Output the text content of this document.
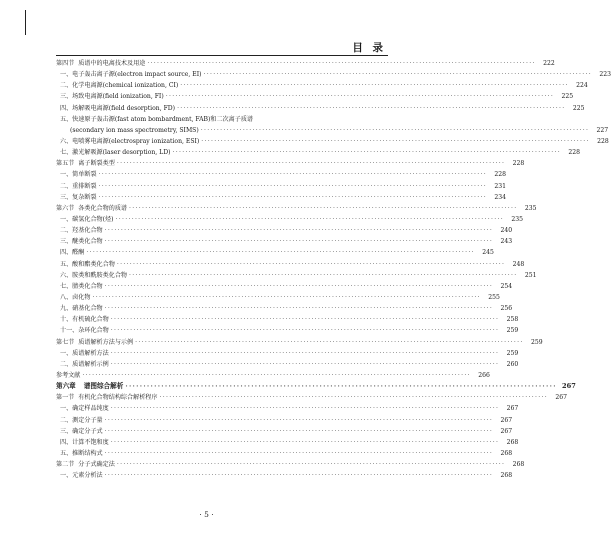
目 录
第四节 质谱中的电离技术及用途 ························································································································	222
一、电子轰击离子源(electron impact source, EI) ························································································································	223
二、化学电离源(chemical ionization, CI) ························································································································	224
三、场致电离源(field ionization, FI) ························································································································	225
四、场解吸电离源(field desorption, FD) ························································································································	225
五、快速原子轰击源(fast atom bombardment, FAB)和二次离子质谱
(secondary ion mass spectrometry, SIMS) ························································································································	227
六、电喷雾电离源(electrospray ionization, ESI) ························································································································	228
七、激光解吸源(laser desorption, LD) ························································································································	228
第五节 离子断裂类型 ························································································································	228
一、简单断裂 ························································································································	228
二、重排断裂 ························································································································	231
三、复杂断裂 ························································································································	234
第六节 各类化合物的质谱 ························································································································	235
一、碳氢化合物(烃) ························································································································	235
二、羟基化合物 ························································································································	240
三、醚类化合物 ························································································································	243
四、醛酮 ························································································································	245
五、酸和酯类化合物 ························································································································	248
六、胺类和酰胺类化合物 ························································································································	251
七、腈类化合物 ························································································································	254
八、卤化物 ························································································································	255
九、硝基化合物 ························································································································	256
十、有机硫化合物 ························································································································	258
十一、杂环化合物 ························································································································	259
第七节 质谱解析方法与示例 ························································································································	259
一、质谱解析方法 ························································································································	259
二、质谱解析示例 ························································································································	260
参考文献 ························································································································	266
第六章 谱图综合解析 ························································································································ 267
第一节 有机化合物结构综合解析程序 ························································································································	267
一、确定样品纯度 ························································································································	267
二、测定分子量 ························································································································	267
三、确定分子式 ························································································································	267
四、计算不饱和度 ························································································································	268
五、推断结构式 ························································································································	268
第二节 分子式确定法 ························································································································	268
一、元素分析法 ························································································································	268
· 5 ·
